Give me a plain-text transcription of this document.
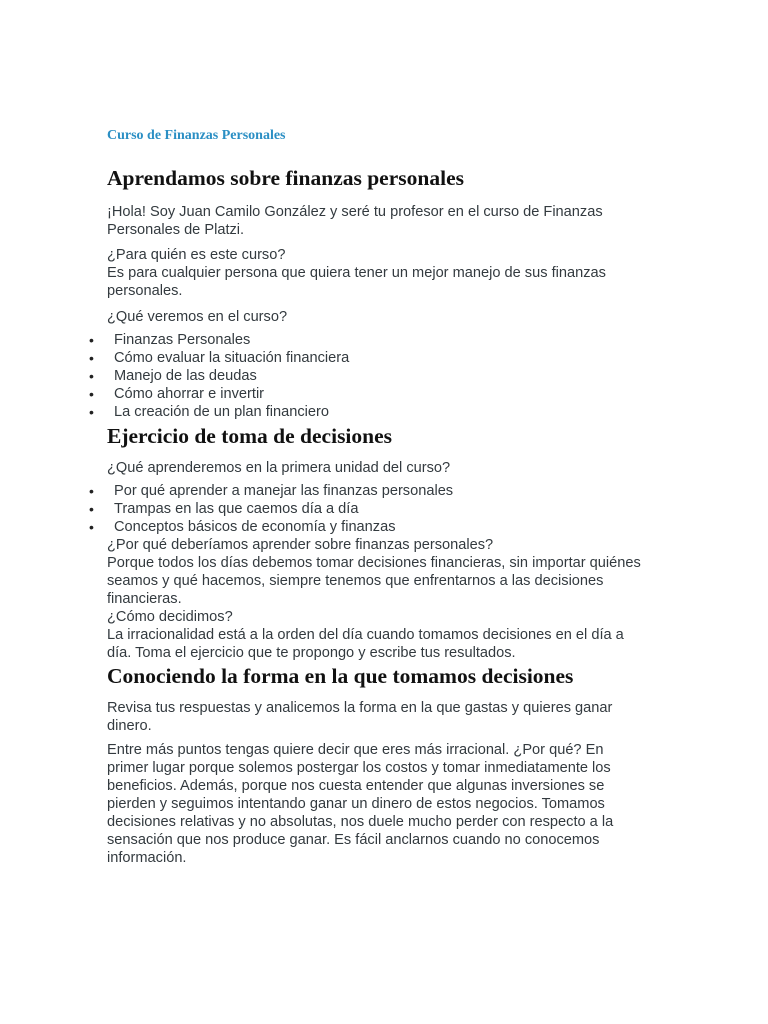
Curso de Finanzas Personales

Aprendamos sobre finanzas personales

¡Hola! Soy Juan Camilo González y seré tu profesor en el curso de Finanzas

Personales de Platzi.

¿Para quién es este curso?

Es para cualquier persona que quiera tener un mejor manejo de sus finanzas

personales.

¿Qué veremos en el curso?

• Finanzas Personales
• Cómo evaluar la situación financiera
• Manejo de las deudas
• Cómo ahorrar e invertir
• La creación de un plan financiero
Ejercicio de toma de decisiones

¿Qué aprenderemos en la primera unidad del curso?

• Por qué aprender a manejar las finanzas personales
• Trampas en las que caemos día a día
• Conceptos básicos de economía y finanzas

¿Por qué deberíamos aprender sobre finanzas personales?

Porque todos los días debemos tomar decisiones financieras, sin importar quiénes

seamos y qué hacemos, siempre tenemos que enfrentarnos a las decisiones

financieras.

¿Cómo decidimos?

La irracionalidad está a la orden del día cuando tomamos decisiones en el día a

día. Toma el ejercicio que te propongo y escribe tus resultados.

Conociendo la forma en la que tomamos decisiones

Revisa tus respuestas y analicemos la forma en la que gastas y quieres ganar

dinero.

Entre más puntos tengas quiere decir que eres más irracional. ¿Por qué? En

primer lugar porque solemos postergar los costos y tomar inmediatamente los

beneficios. Además, porque nos cuesta entender que algunas inversiones se

pierden y seguimos intentando ganar un dinero de estos negocios. Tomamos

decisiones relativas y no absolutas, nos duele mucho perder con respecto a la

sensación que nos produce ganar. Es fácil anclarnos cuando no conocemos

información.
